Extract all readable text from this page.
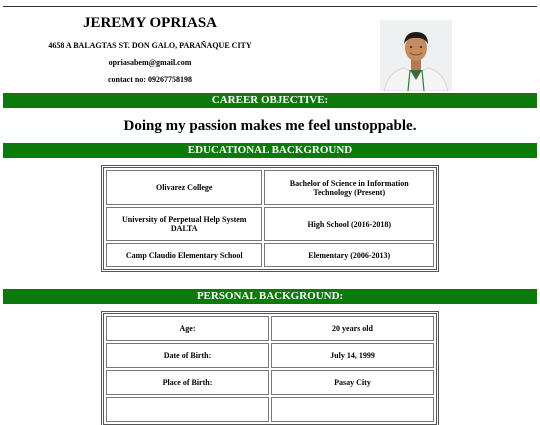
JEREMY OPRIASA
4658 A BALAGTAS ST. DON GALO, PARAÑAQUE CITY
opriasabem@gmail.com
contact no: 09267758198
CAREER OBJECTIVE:
Doing my passion makes me feel unstoppable.
EDUCATIONAL BACKGROUND
Olivarez College	Bachelor of Science in Information Technology (Present)
University of Perpetual Help System DALTA	High School (2016-2018)
Camp Claudio Elementary School	Elementary (2006-2013)
PERSONAL BACKGROUND:
Age:	20 years old
Date of Birth:	July 14, 1999
Place of Birth:	Pasay City
